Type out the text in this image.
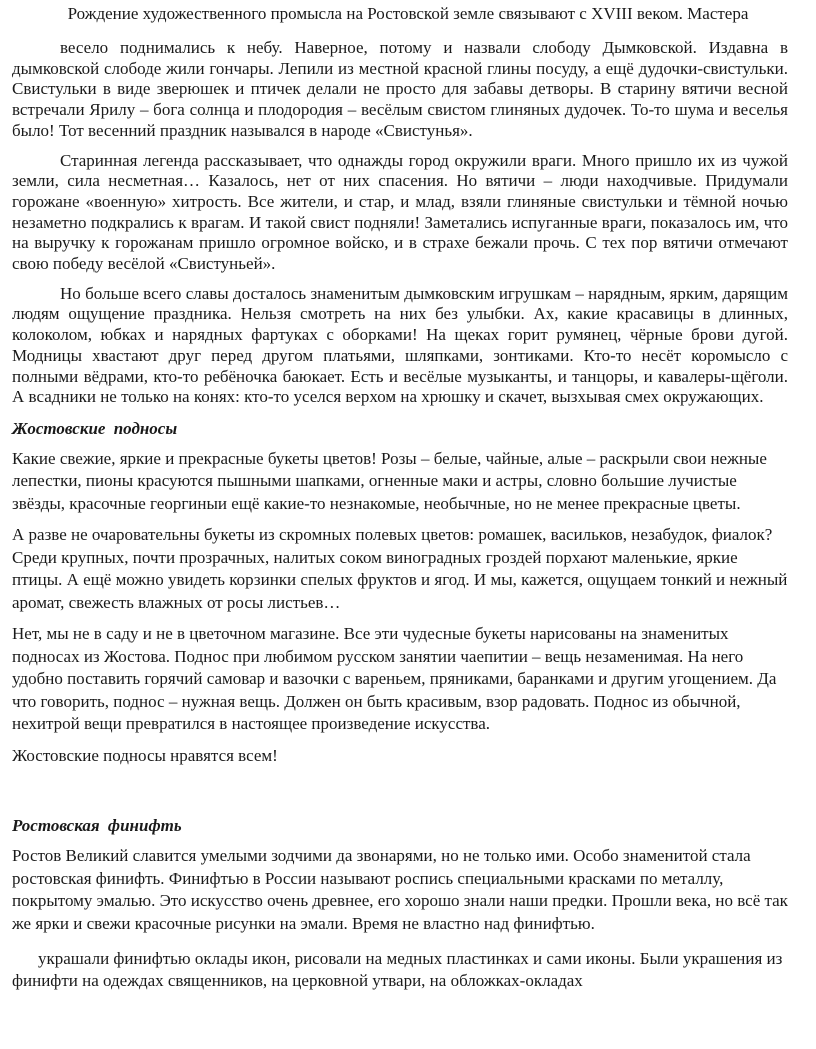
Рождение художественного промысла на Ростовской земле связывают с XVIII веком. Мастера

весело поднимались к небу. Наверное, потому и назвали слободу Дымковской. Издавна в дымковской слободе жили гончары. Лепили из местной красной глины посуду, а ещё дудочки-свистульки. Свистульки в виде зверюшек и птичек делали не просто для забавы детворы. В старину вятичи весной встречали Ярилу – бога солнца и плодородия – весёлым свистом глиняных дудочек. То-то шума и веселья было! Тот весенний праздник назывался в народе «Свистунья».

Старинная легенда рассказывает, что однажды город окружили враги. Много пришло их из чужой земли, сила несметная… Казалось, нет от них спасения. Но вятичи – люди находчивые. Придумали горожане «военную» хитрость. Все жители, и стар, и млад, взяли глиняные свистульки и тёмной ночью незаметно подкрались к врагам. И такой свист подняли! Заметались испуганные враги, показалось им, что на выручку к горожанам пришло огромное войско, и в страхе бежали прочь. С тех пор вятичи отмечают свою победу весёлой «Свистуньей».

Но больше всего славы досталось знаменитым дымковским игрушкам – нарядным, ярким, дарящим людям ощущение праздника. Нельзя смотреть на них без улыбки. Ах, какие красавицы в длинных, колоколом, юбках и нарядных фартуках с оборками! На щеках горит румянец, чёрные брови дугой. Модницы хвастают друг перед другом платьями, шляпками, зонтиками. Кто-то несёт коромысло с полными вёдрами, кто-то ребёночка баюкает. Есть и весёлые музыканты, и танцоры, и кавалеры-щёголи. А всадники не только на конях: кто-то уселся верхом на хрюшку и скачет, вызхывая смех окружающих.

Жостовские подносы

Какие свежие, яркие и прекрасные букеты цветов! Розы – белые, чайные, алые – раскрыли свои нежные лепестки, пионы красуются пышными шапками, огненные маки и астры, словно большие лучистые звёзды, красочные георгиныи ещё какие-то незнакомые, необычные, но не менее прекрасные цветы.

А разве не очаровательны букеты из скромных полевых цветов: ромашек, васильков, незабудок, фиалок? Среди крупных, почти прозрачных, налитых соком виноградных гроздей порхают маленькие, яркие птицы. А ещё можно увидеть корзинки спелых фруктов и ягод. И мы, кажется, ощущаем тонкий и нежный аромат, свежесть влажных от росы листьев…

Нет, мы не в саду и не в цветочном магазине. Все эти чудесные букеты нарисованы на знаменитых подносах из Жостова. Поднос при любимом русском занятии чаепитии – вещь незаменимая. На него удобно поставить горячий самовар и вазочки с вареньем, пряниками, баранками и другим угощением. Да что говорить, поднос – нужная вещь. Должен он быть красивым, взор радовать. Поднос из обычной, нехитрой вещи превратился в настоящее произведение искусства.

Жостовские подносы нравятся всем!

Ростовская финифть

Ростов Великий славится умелыми зодчими да звонарями, но не только ими. Особо знаменитой стала ростовская финифть. Финифтью в России называют роспись специальными красками по металлу, покрытому эмалью. Это искусство очень древнее, его хорошо знали наши предки. Прошли века, но всё так же ярки и свежи красочные рисунки на эмали. Время не властно над финифтью.

украшали финифтью оклады икон, рисовали на медных пластинках и сами иконы. Были украшения из финифти на одеждах священников, на церковной утвари, на обложках-окладах
